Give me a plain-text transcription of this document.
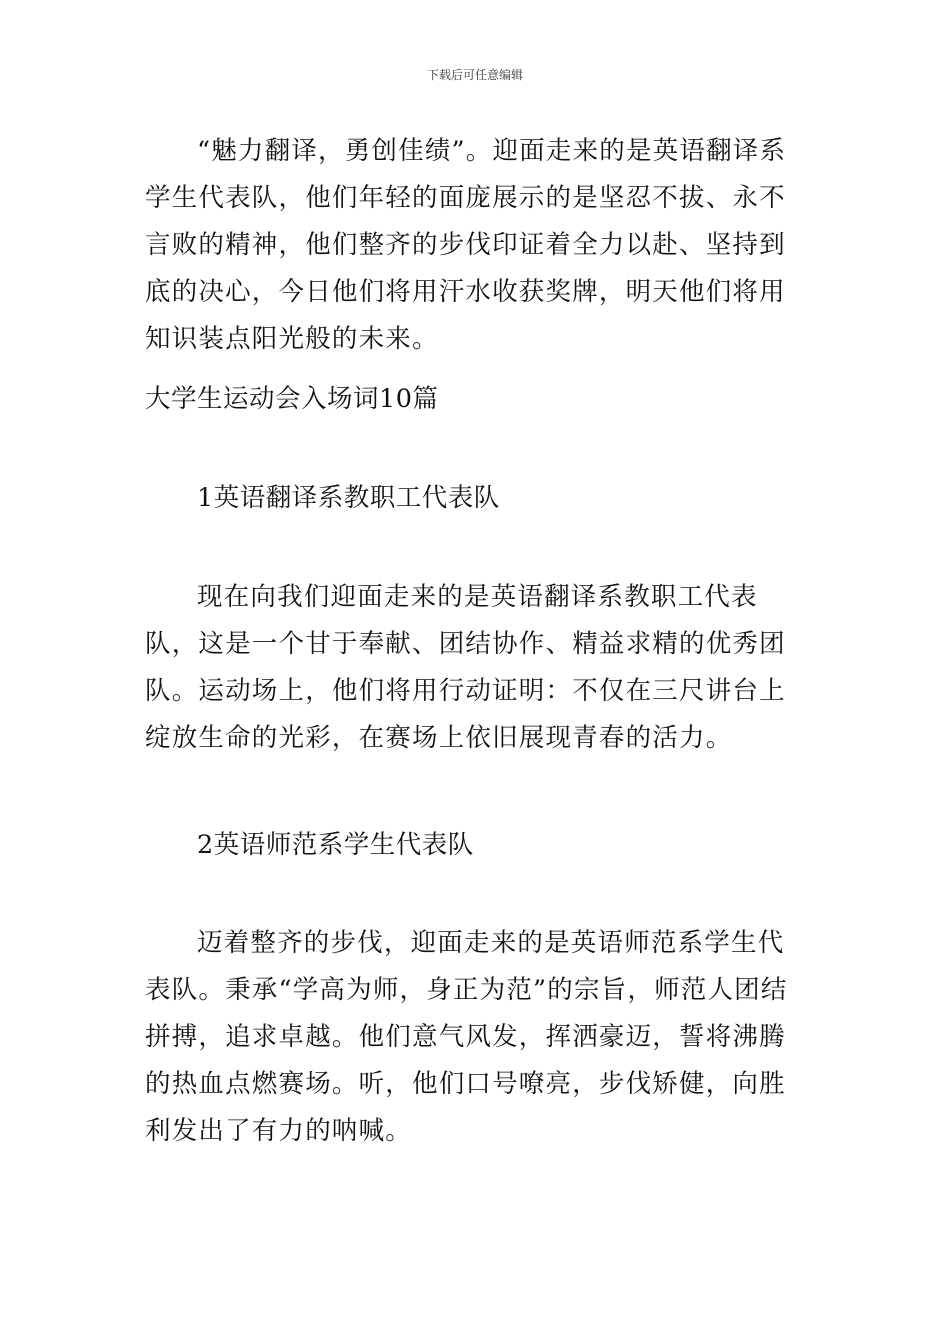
下载后可任意编辑

“魅力翻译，勇创佳绩”。迎面走来的是英语翻译系学生代表队，他们年轻的面庞展示的是坚忍不拔、永不言败的精神，他们整齐的步伐印证着全力以赴、坚持到底的决心，今日他们将用汗水收获奖牌，明天他们将用知识装点阳光般的未来。

大学生运动会入场词10篇

1英语翻译系教职工代表队

现在向我们迎面走来的是英语翻译系教职工代表队，这是一个甘于奉献、团结协作、精益求精的优秀团队。运动场上，他们将用行动证明：不仅在三尺讲台上绽放生命的光彩，在赛场上依旧展现青春的活力。

2英语师范系学生代表队

迈着整齐的步伐，迎面走来的是英语师范系学生代表队。秉承“学高为师，身正为范”的宗旨，师范人团结拼搏，追求卓越。他们意气风发，挥洒豪迈，誓将沸腾的热血点燃赛场。听，他们口号嘹亮，步伐矫健，向胜利发出了有力的呐喊。
